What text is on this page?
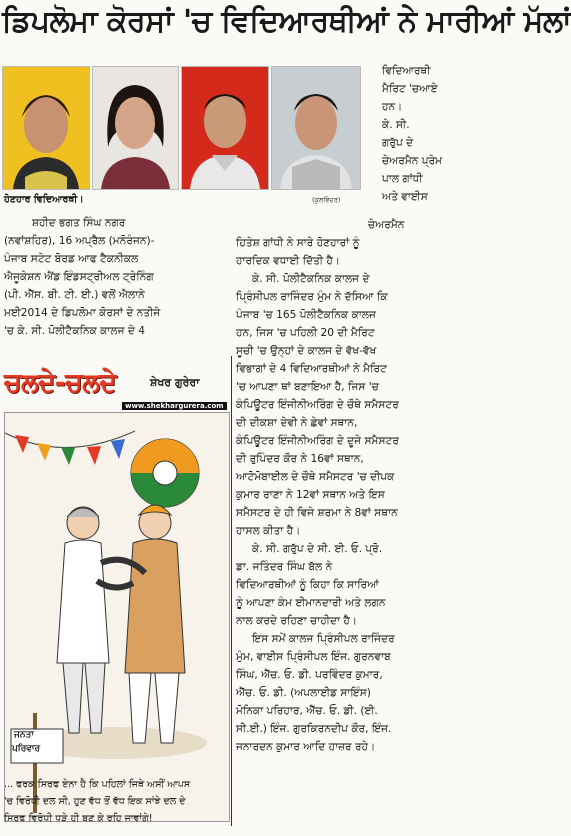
ਡਿਪਲੋਮਾ ਕੋਰਸਾਂ 'ਚ ਵਿਦਿਆਰਥੀਆਂ ਨੇ ਮਾਰੀਆਂ ਮੱਲਾਂ

ਵਿਦਿਆਰਥੀ

ਮੈਰਿਟ 'ਚਆਏ

ਹਨ।

ਕੇ. ਸੀ.

ਗਰੁੱਪ ਦੇ

ਚੇਅਰਮੈਨ ਪ੍ਰੇਮ

ਪਾਲ ਗਾਂਧੀ

ਅਤੇ ਵਾਈਸ

ਚੇਅਰਮੈਨ
ਹੋਣਹਾਰ ਵਿਦਿਆਰਥੀ।	(ਕੁਲਵਿੰਦਰ)

ਸ਼ਹੀਦ ਭਗਤ ਸਿੰਘ ਨਗਰ

(ਨਵਾਂਸ਼ਹਿਰ), 16 ਅਪ੍ਰੈਲ (ਮਨੋਰੰਜਨ)-

ਪੰਜਾਬ ਸਟੇਟ ਬੋਰਡ ਆਫ ਟੈਕਨੀਕਲ

ਐਜੂਕੇਸ਼ਨ ਐਂਡ ਇੰਡਸਟ੍ਰੀਅਲ ਟ੍ਰੇਨਿੰਗ

(ਪੀ. ਐੱਸ. ਬੀ. ਟੀ. ਈ.) ਵਲੋਂ ਐਲਾਨੇ

ਮਈ2014 ਦੇ ਡਿਪਲੋਮਾ ਕੋਰਸਾਂ ਦੇ ਨਤੀਜੇ

'ਚ ਕੇ. ਸੀ. ਪੋਲੀਟੈਕਨਿਕ ਕਾਲਜ ਦੇ 4

ਹਿਤੇਸ਼ ਗਾਂਧੀ ਨੇ ਸਾਰੇ ਹੋਣਹਾਰਾਂ ਨੂੰ

ਹਾਰਦਿਕ ਵਧਾਈ ਦਿੱਤੀ ਹੈ।

ਕੇ. ਸੀ. ਪੋਲੀਟੈਕਨਿਕ ਕਾਲਜ ਦੇ

ਪ੍ਰਿੰਸੀਪਲ ਰਾਜਿੰਦਰ ਮੁੰਮ ਨੇ ਦੱਸਿਆ ਕਿ

ਪੰਜਾਬ 'ਚ 165 ਪੋਲੀਟੈਕਨਿਕ ਕਾਲਜ

ਹਨ, ਜਿਸ 'ਚ ਪਹਿਲੀ 20 ਦੀ ਮੈਰਿਟ

ਸੂਚੀ 'ਚ ਉਨ੍ਹਾਂ ਦੇ ਕਾਲਜ ਦੇ ਵੱਖ-ਵੱਖ

ਵਿਭਾਗਾਂ ਦੇ 4 ਵਿਦਿਆਰਥੀਆਂ ਨੇ ਮੈਰਿਟ

'ਚ ਆਪਣਾ ਥਾਂ ਬਣਾਇਆ ਹੈ, ਜਿਸ 'ਚ

ਕੰਪਿਊਟਰ ਇੰਜੀਨੀਅਰਿੰਗ ਦੇ ਚੌਥੇ ਸਮੈਸਟਰ

ਦੀ ਦੀਕਸ਼ਾ ਦੇਵੀ ਨੇ ਛੇਵਾਂ ਸਥਾਨ,

ਕੰਪਿਊਟਰ ਇੰਜੀਨੀਅਰਿੰਗ ਦੇ ਦੂਜੇ ਸਮੈਸਟਰ

ਦੀ ਰੁਪਿੰਦਰ ਕੌਰ ਨੇ 16ਵਾਂ ਸਥਾਨ,

ਆਟੋਮੋਬਾਈਲ ਦੇ ਚੌਥੇ ਸਮੈਸਟਰ 'ਚ ਦੀਪਕ

ਕੁਮਾਰ ਰਾਣਾ ਨੇ 12ਵਾਂ ਸਥਾਨ ਅਤੇ ਇਸ

ਸਮੈਸਟਰ ਦੇ ਹੀ ਵਿਜੇ ਸ਼ਰਮਾ ਨੇ 8ਵਾਂ ਸਥਾਨ

ਹਾਸਲ ਕੀਤਾ ਹੈ।

ਕੇ. ਸੀ. ਗਰੁੱਪ ਦੇ ਸੀ. ਈ. ਓ. ਪ੍ਰੋ.

ਡਾ. ਜਤਿੰਦਰ ਸਿੰਘ ਬੱਲ ਨੇ

ਵਿਦਿਆਰਥੀਆਂ ਨੂੰ ਕਿਹਾ ਕਿ ਸਾਰਿਆਂ

ਨੂੰ ਆਪਣਾ ਕੰਮ ਈਮਾਨਦਾਰੀ ਅਤੇ ਲਗਨ

ਨਾਲ ਕਰਦੇ ਰਹਿਣਾ ਚਾਹੀਦਾ ਹੈ।

ਇਸ ਸਮੇਂ ਕਾਲਜ ਪ੍ਰਿੰਸੀਪਲ ਰਾਜਿੰਦਰ

ਮੁੰਮ, ਵਾਈਸ ਪ੍ਰਿੰਸੀਪਲ ਇੰਜ. ਗੁਰਨਵਾਬ

ਸਿੰਘ, ਐੱਚ. ਓ. ਡੀ. ਪਰਵਿੰਦਰ ਕੁਮਾਰ,

ਐੱਚ. ਓ. ਡੀ. (ਅਪਲਾਈਡ ਸਾਇੰਸ)

ਮੋਨਿਕਾ ਪਰਿਹਾਰ, ਐੱਚ. ਓ. ਡੀ. (ਈ.

ਸੀ.ਈ.) ਇੰਜ. ਗੁਰਕਿਰਨਦੀਪ ਕੌਰ, ਇੰਜ.

ਜਨਾਰਦਨ ਕੁਮਾਰ ਆਦਿ ਹਾਜ਼ਰ ਰਹੇ।

ਚਲਦੇ-ਚਲਦੇ	ਸ਼ੇਖਰ ਗੁਰੇਰਾ
www.shekhargurera.com
ਜਨਤਾ
ਪਰਿਵਾਰ
... ਫਰਕ ਸਿਰਫ ਏਨਾ ਹੈ ਕਿ ਪਹਿਲਾਂ ਜਿਥੇ ਅਸੀਂ ਆਪਸ
'ਚ ਵਿਰੋਧੀ ਦਲ ਸੀ, ਹੁਣ ਵੱਧ ਤੋਂ ਵੱਧ ਇਕ ਸਾਂਝੇ ਦਲ ਦੇ
ਸਿਰਫ ਵਿਰੋਧੀ ਧੜੇ ਹੀ ਬਣ ਕੇ ਰਹਿ ਜਾਵਾਂਗੇ!
